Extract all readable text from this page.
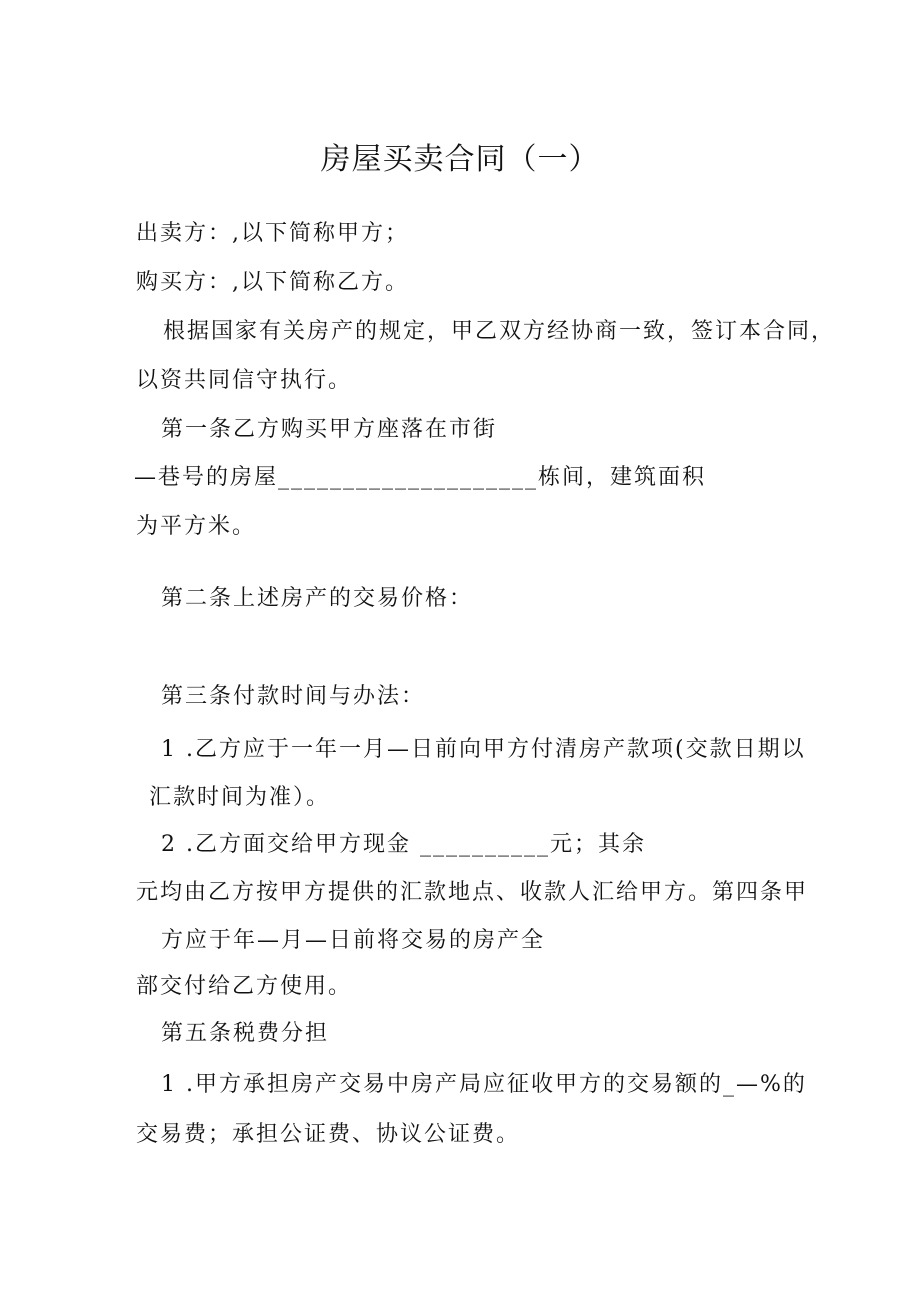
房屋买卖合同（一）
出卖方：,以下简称甲方；
购买方：,以下简称乙方。
根据国家有关房产的规定，甲乙双方经协商一致，签订本合同，
以资共同信守执行。
第一条乙方购买甲方座落在市街
—巷号的房屋____________________栋间，建筑面积
为平方米。
第二条上述房产的交易价格：
第三条付款时间与办法：
1 .乙方应于一年一月—日前向甲方付清房产款项(交款日期以
汇款时间为准）。
2 .乙方面交给甲方现金 __________元；其余
元均由乙方按甲方提供的汇款地点、收款人汇给甲方。第四条甲
方应于年—月—日前将交易的房产全
部交付给乙方使用。
第五条税费分担
1 .甲方承担房产交易中房产局应征收甲方的交易额的_—%的
交易费；承担公证费、协议公证费。
